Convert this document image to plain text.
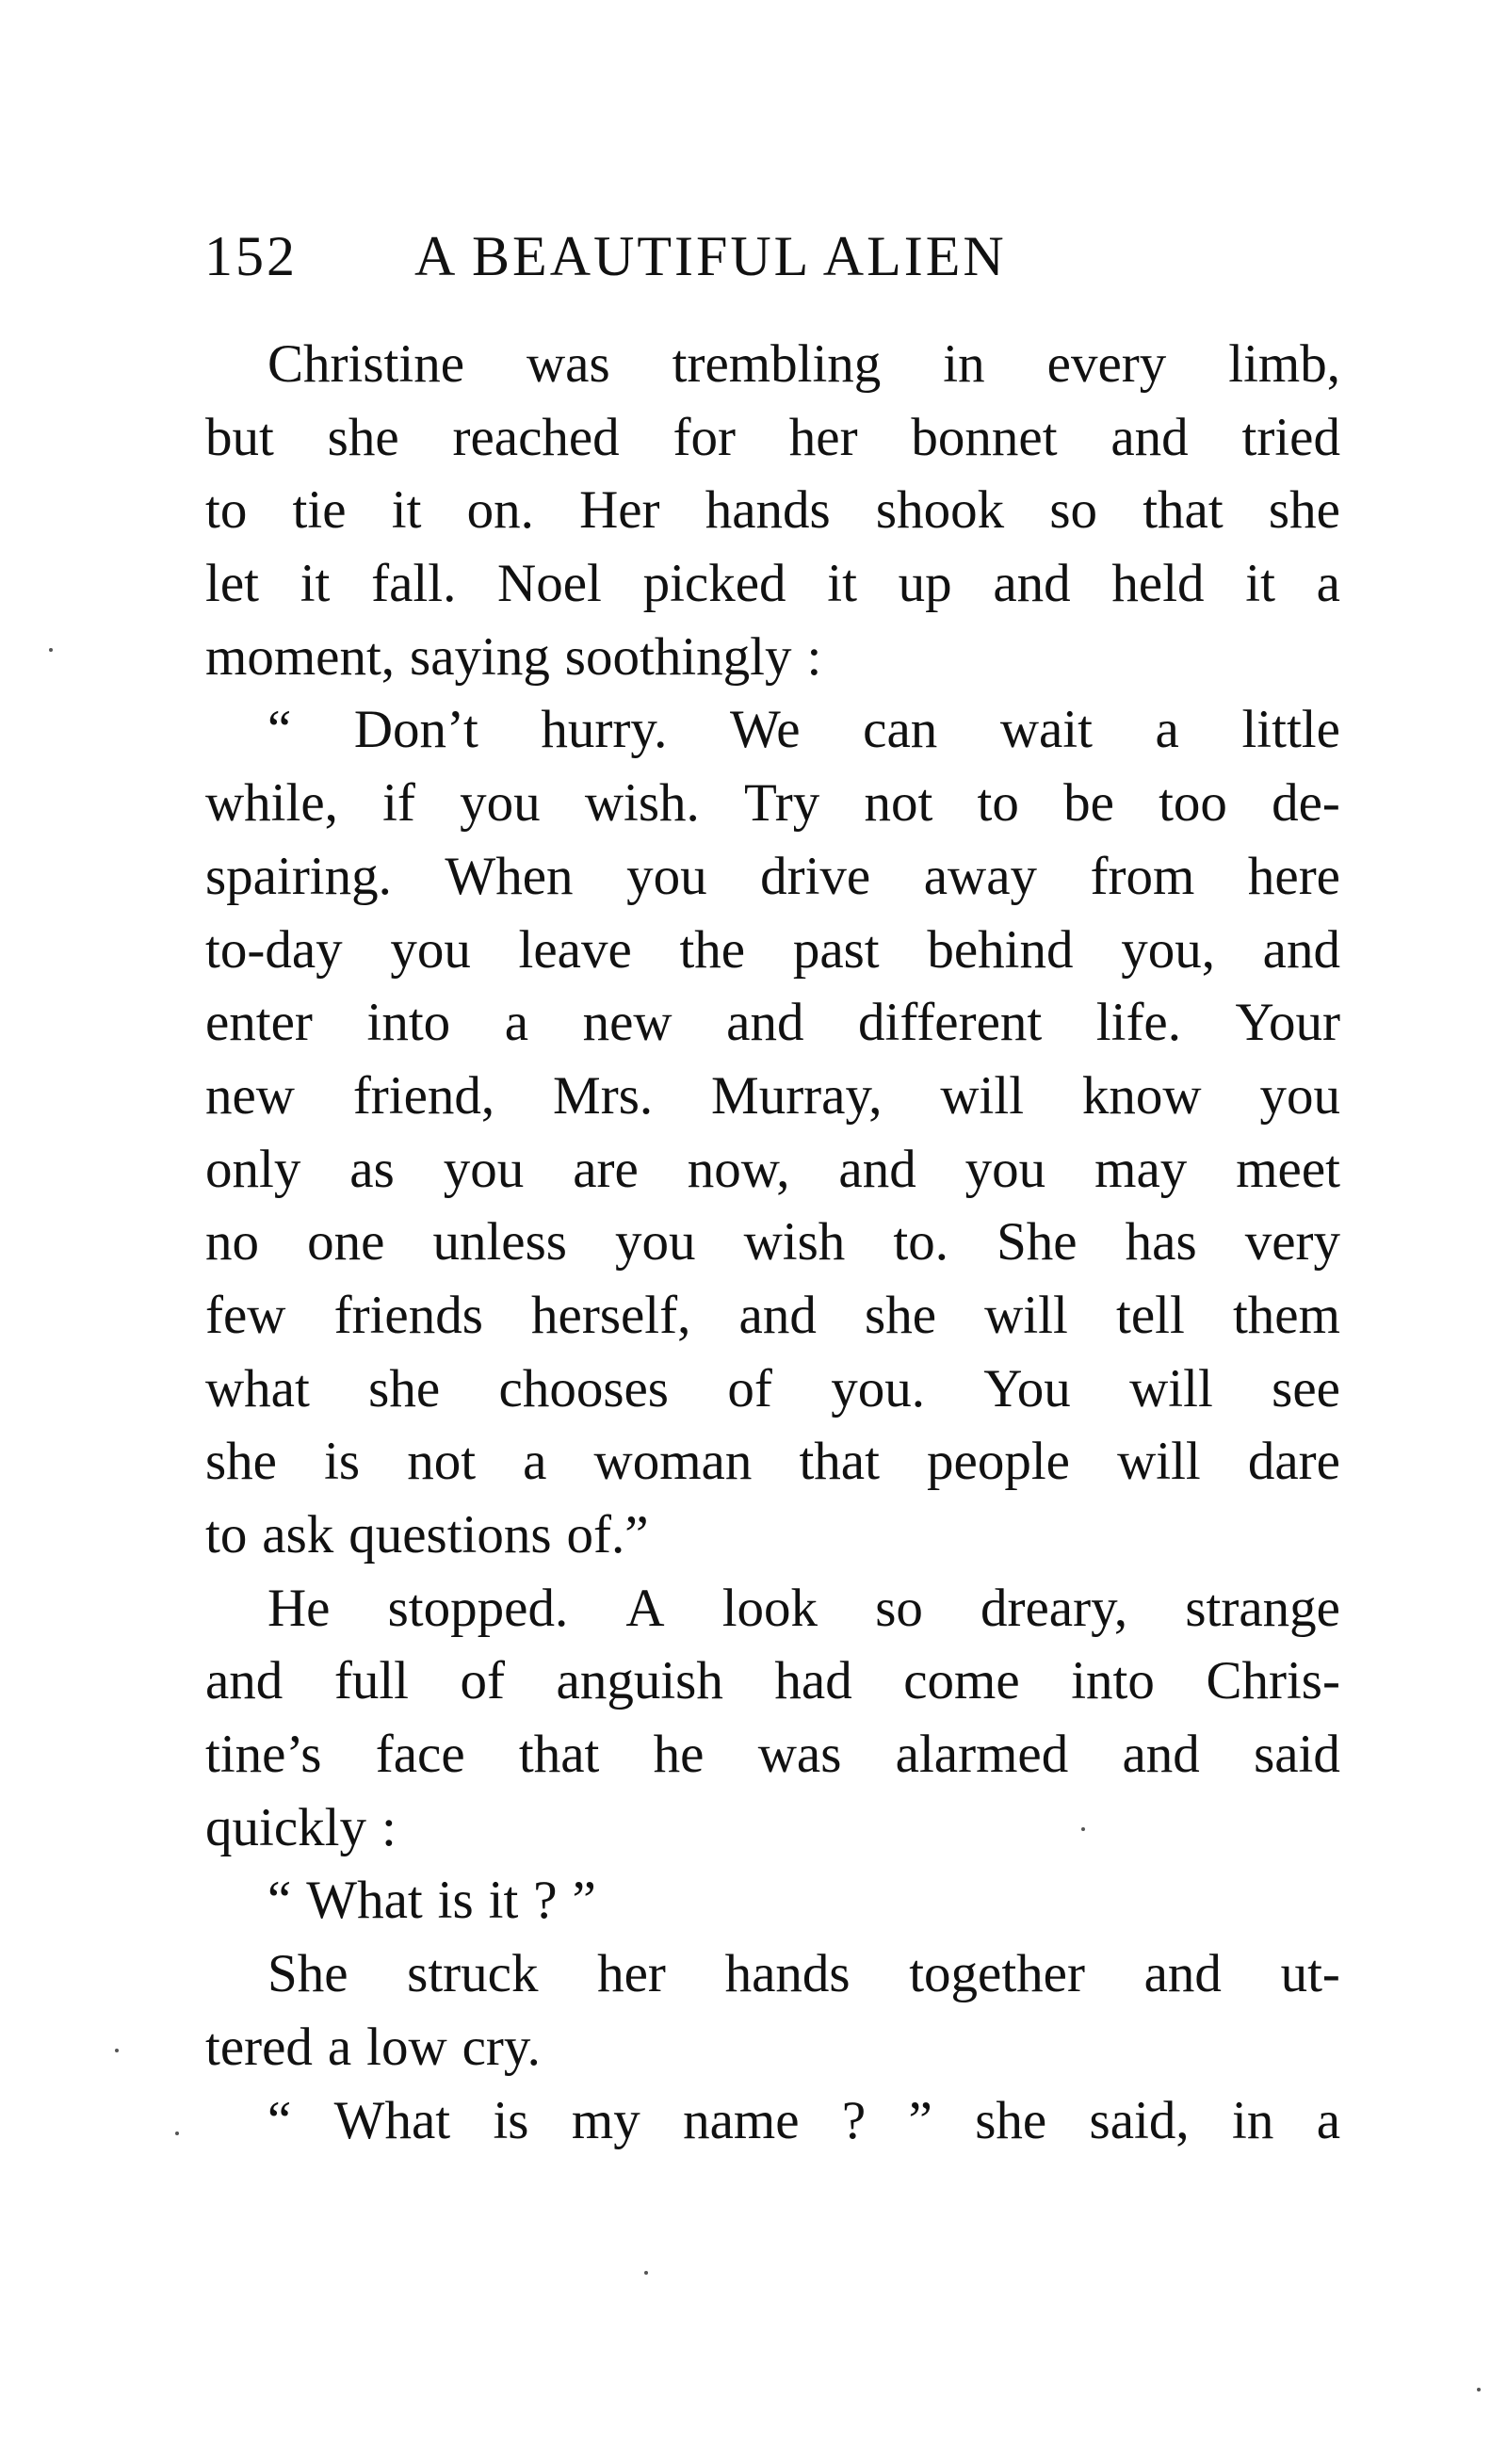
152 A BEAUTIFUL ALIEN
Christine was trembling in every limb,
but she reached for her bonnet and tried
to tie it on. Her hands shook so that she
let it fall. Noel picked it up and held it a
moment, saying soothingly :
“ Don’t hurry. We can wait a little
while, if you wish. Try not to be too de-
spairing. When you drive away from here
to-day you leave the past behind you, and
enter into a new and different life. Your
new friend, Mrs. Murray, will know you
only as you are now, and you may meet
no one unless you wish to. She has very
few friends herself, and she will tell them
what she chooses of you. You will see
she is not a woman that people will dare
to ask questions of.”
He stopped. A look so dreary, strange
and full of anguish had come into Chris-
tine’s face that he was alarmed and said
quickly :
“ What is it ? ”
She struck her hands together and ut-
tered a low cry.
“ What is my name ? ” she said, in a
